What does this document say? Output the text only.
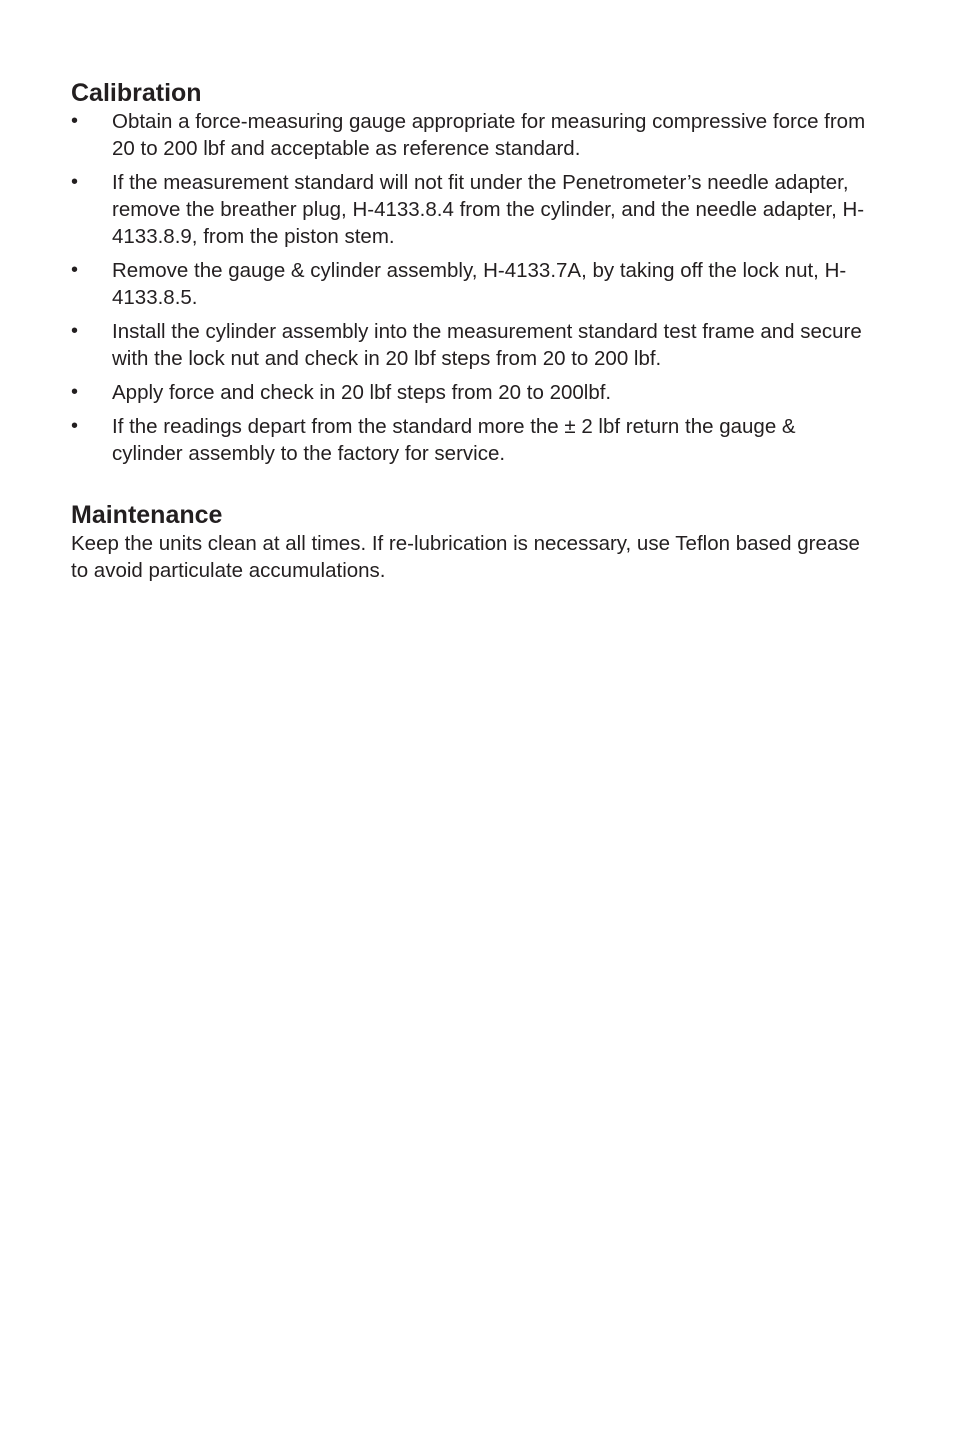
Calibration
•	Obtain a force-measuring gauge appropriate for measuring compressive force from 20 to 200 lbf and acceptable as reference standard.
•	If the measurement standard will not fit under the Penetrometer’s needle adapter, remove the breather plug, H-4133.8.4 from the cylinder, and the needle adapter, H-4133.8.9, from the piston stem.
•	Remove the gauge & cylinder assembly, H-4133.7A, by taking off the lock nut, H-4133.8.5.
•	Install the cylinder assembly into the measurement standard test frame and secure with the lock nut and check in 20 lbf steps from 20 to 200 lbf.
•	Apply force and check in 20 lbf steps from 20 to 200lbf.
•	If the readings depart from the standard more the ± 2 lbf return the gauge & cylinder assembly to the factory for service.
Maintenance

Keep the units clean at all times. If re-lubrication is necessary, use Teflon based grease to avoid particulate accumulations.
